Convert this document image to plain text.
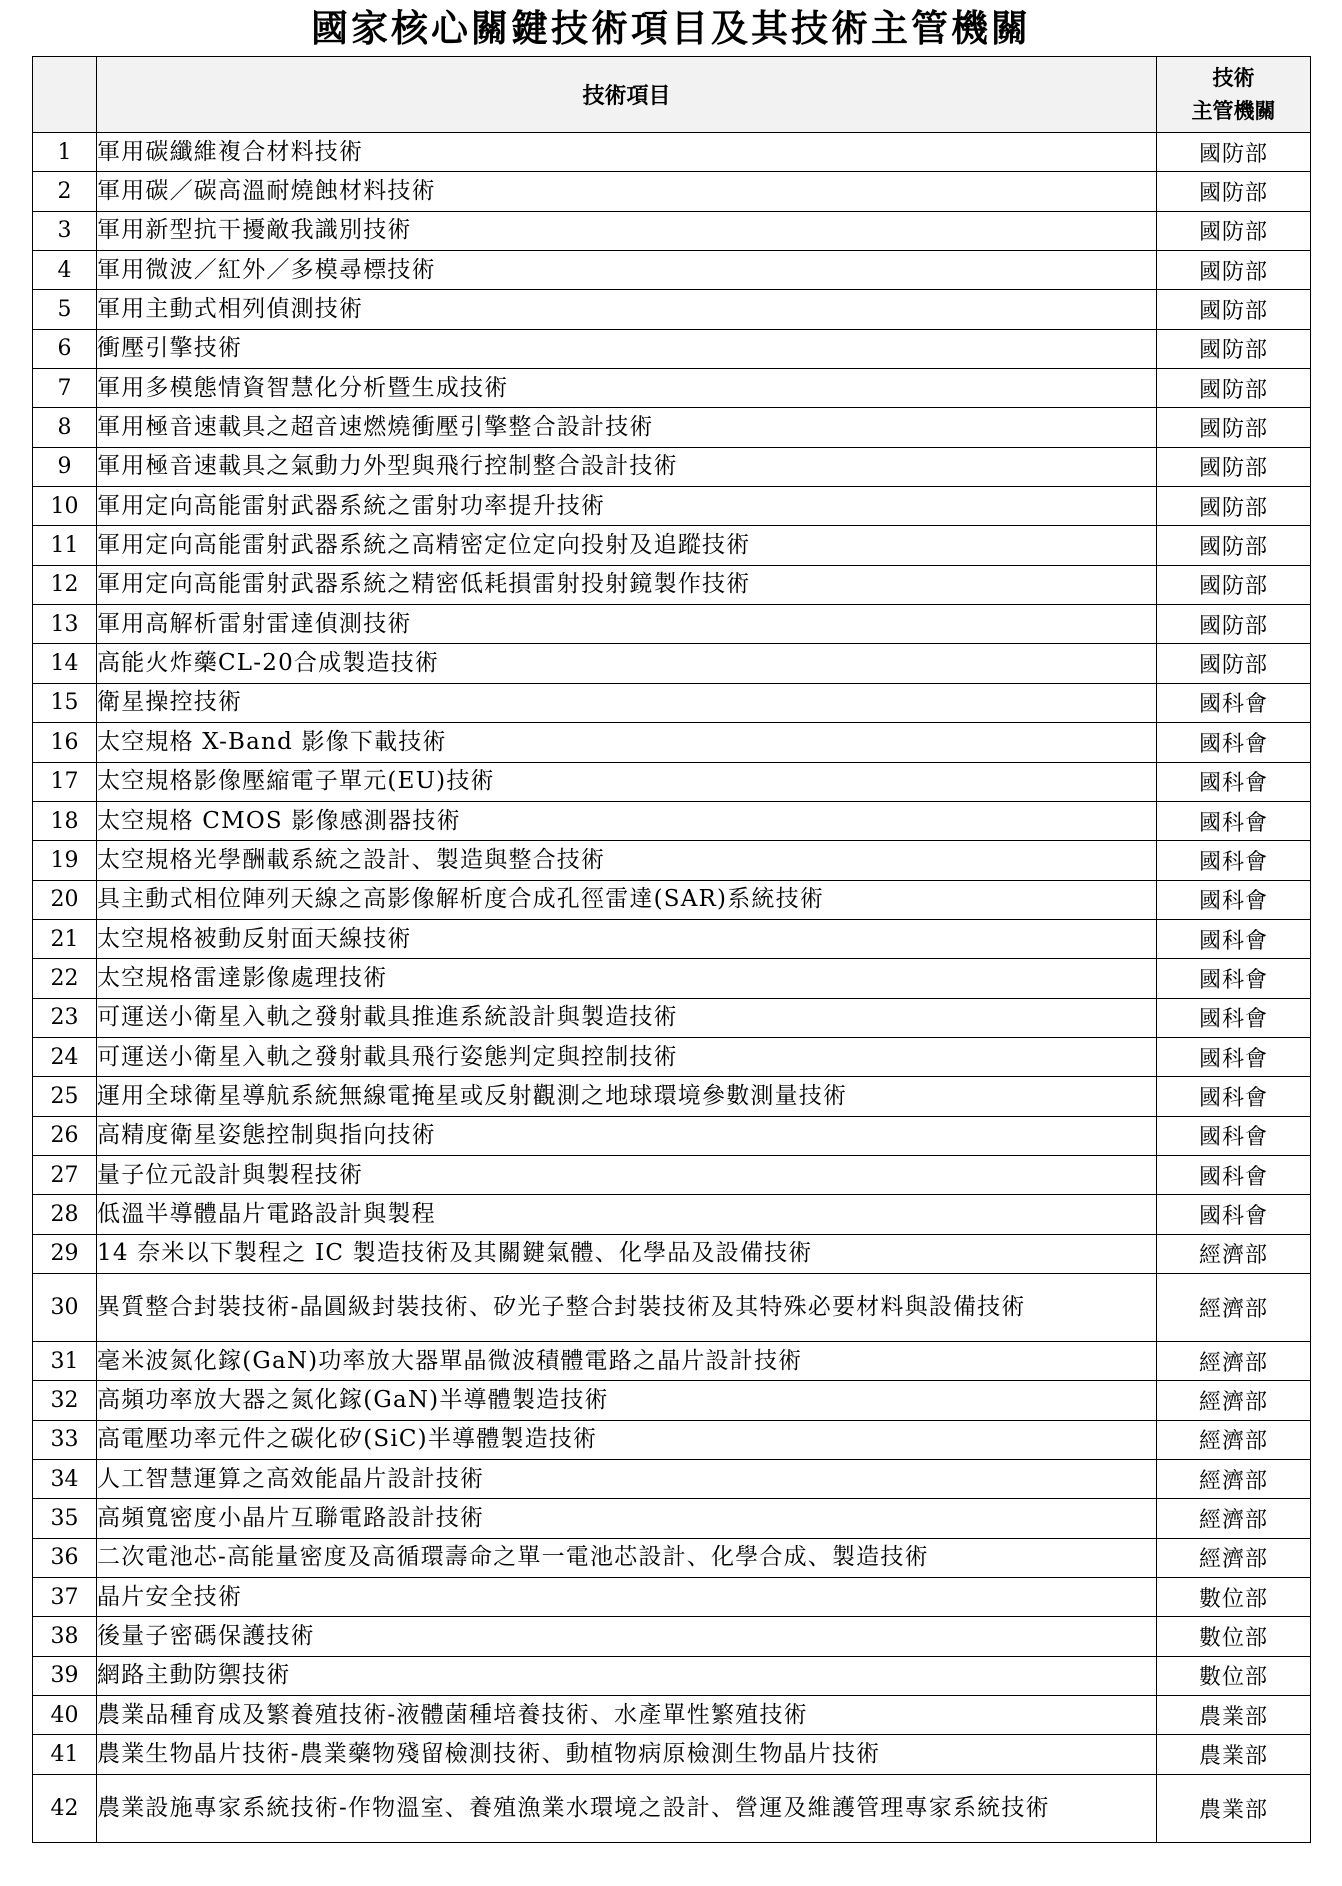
國家核心關鍵技術項目及其技術主管機關
	技術項目	技術
主管機關
1	軍用碳纖維複合材料技術	國防部
2	軍用碳／碳高溫耐燒蝕材料技術	國防部
3	軍用新型抗干擾敵我識別技術	國防部
4	軍用微波／紅外／多模尋標技術	國防部
5	軍用主動式相列偵測技術	國防部
6	衝壓引擎技術	國防部
7	軍用多模態情資智慧化分析暨生成技術	國防部
8	軍用極音速載具之超音速燃燒衝壓引擎整合設計技術	國防部
9	軍用極音速載具之氣動力外型與飛行控制整合設計技術	國防部
10	軍用定向高能雷射武器系統之雷射功率提升技術	國防部
11	軍用定向高能雷射武器系統之高精密定位定向投射及追蹤技術	國防部
12	軍用定向高能雷射武器系統之精密低耗損雷射投射鏡製作技術	國防部
13	軍用高解析雷射雷達偵測技術	國防部
14	高能火炸藥CL-20合成製造技術	國防部
15	衛星操控技術	國科會
16	太空規格 X-Band 影像下載技術	國科會
17	太空規格影像壓縮電子單元(EU)技術	國科會
18	太空規格 CMOS 影像感測器技術	國科會
19	太空規格光學酬載系統之設計、製造與整合技術	國科會
20	具主動式相位陣列天線之高影像解析度合成孔徑雷達(SAR)系統技術	國科會
21	太空規格被動反射面天線技術	國科會
22	太空規格雷達影像處理技術	國科會
23	可運送小衛星入軌之發射載具推進系統設計與製造技術	國科會
24	可運送小衛星入軌之發射載具飛行姿態判定與控制技術	國科會
25	運用全球衛星導航系統無線電掩星或反射觀測之地球環境參數測量技術	國科會
26	高精度衛星姿態控制與指向技術	國科會
27	量子位元設計與製程技術	國科會
28	低溫半導體晶片電路設計與製程	國科會
29	14 奈米以下製程之 IC 製造技術及其關鍵氣體、化學品及設備技術	經濟部
30	異質整合封裝技術-晶圓級封裝技術、矽光子整合封裝技術及其特殊必要材料與設備技術	經濟部
31	毫米波氮化鎵(GaN)功率放大器單晶微波積體電路之晶片設計技術	經濟部
32	高頻功率放大器之氮化鎵(GaN)半導體製造技術	經濟部
33	高電壓功率元件之碳化矽(SiC)半導體製造技術	經濟部
34	人工智慧運算之高效能晶片設計技術	經濟部
35	高頻寬密度小晶片互聯電路設計技術	經濟部
36	二次電池芯-高能量密度及高循環壽命之單一電池芯設計、化學合成、製造技術	經濟部
37	晶片安全技術	數位部
38	後量子密碼保護技術	數位部
39	網路主動防禦技術	數位部
40	農業品種育成及繁養殖技術-液體菌種培養技術、水產單性繁殖技術	農業部
41	農業生物晶片技術-農業藥物殘留檢測技術、動植物病原檢測生物晶片技術	農業部
42	農業設施專家系統技術-作物溫室、養殖漁業水環境之設計、營運及維護管理專家系統技術	農業部
